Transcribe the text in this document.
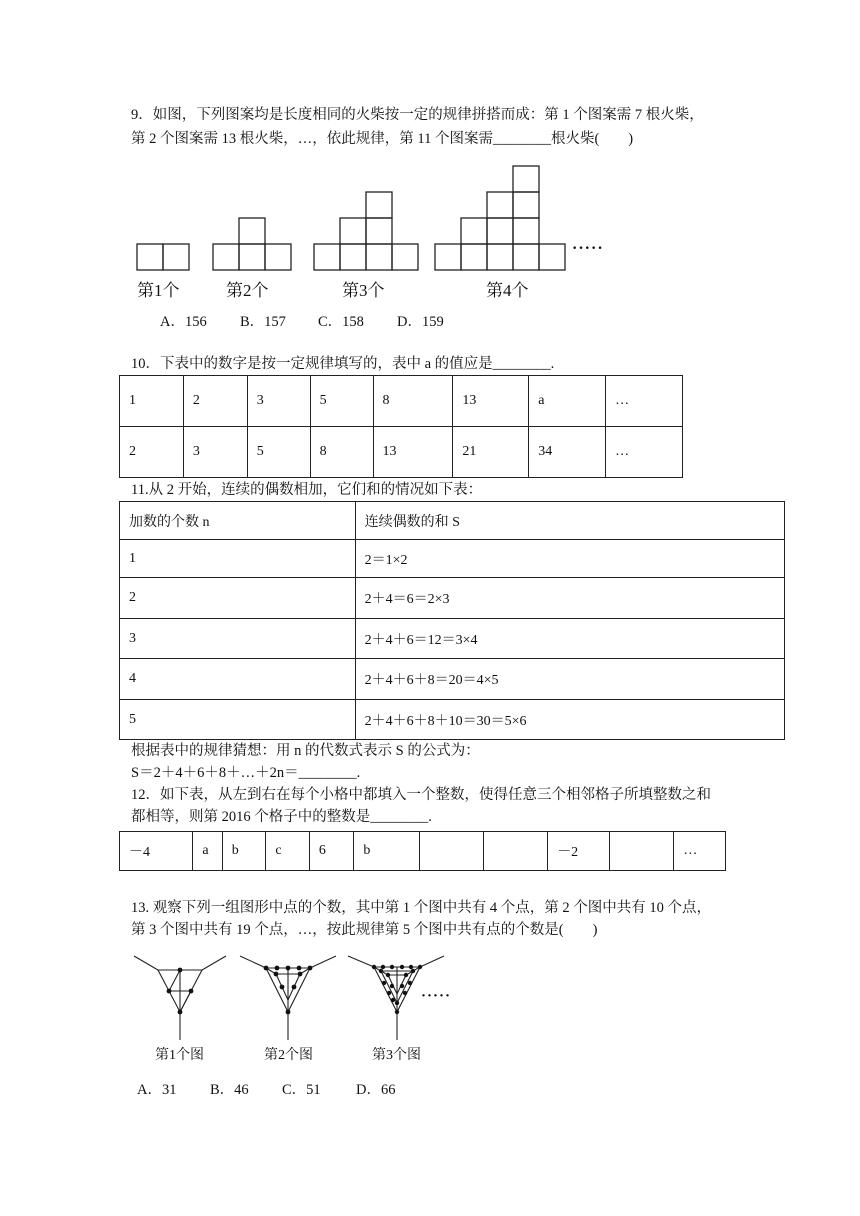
9．如图，下列图案均是长度相同的火柴按一定的规律拼搭而成：第 1 个图案需 7 根火柴，
第 2 个图案需 13 根火柴，…，依此规律，第 11 个图案需________根火柴(　　)
·····
第1个	第2个	第3个	第4个
A．156 B．157 C．158 D．159
10．下表中的数字是按一定规律填写的，表中 a 的值应是________.
1	2	3	5	8	13	a	…
2	3	5	8	13	21	34	…
11.从 2 开始，连续的偶数相加，它们和的情况如下表：
加数的个数 n	连续偶数的和 S
1	2＝1×2
2	2＋4＝6＝2×3
3	2＋4＋6＝12＝3×4
4	2＋4＋6＋8＝20＝4×5
5	2＋4＋6＋8＋10＝30＝5×6
根据表中的规律猜想：用 n 的代数式表示 S 的公式为：
S＝2＋4＋6＋8＋…＋2n＝________.
12．如下表，从左到右在每个小格中都填入一个整数，使得任意三个相邻格子所填整数之和
都相等，则第 2016 个格子中的整数是________.
－4	a	b	c	6	b			－2		…
13. 观察下列一组图形中点的个数，其中第 1 个图中共有 4 个点，第 2 个图中共有 10 个点，
第 3 个图中共有 19 个点，…，按此规律第 5 个图中共有点的个数是(　　)
·····
第1个图	第2个图	第3个图
A．31 B．46 C．51 D．66
